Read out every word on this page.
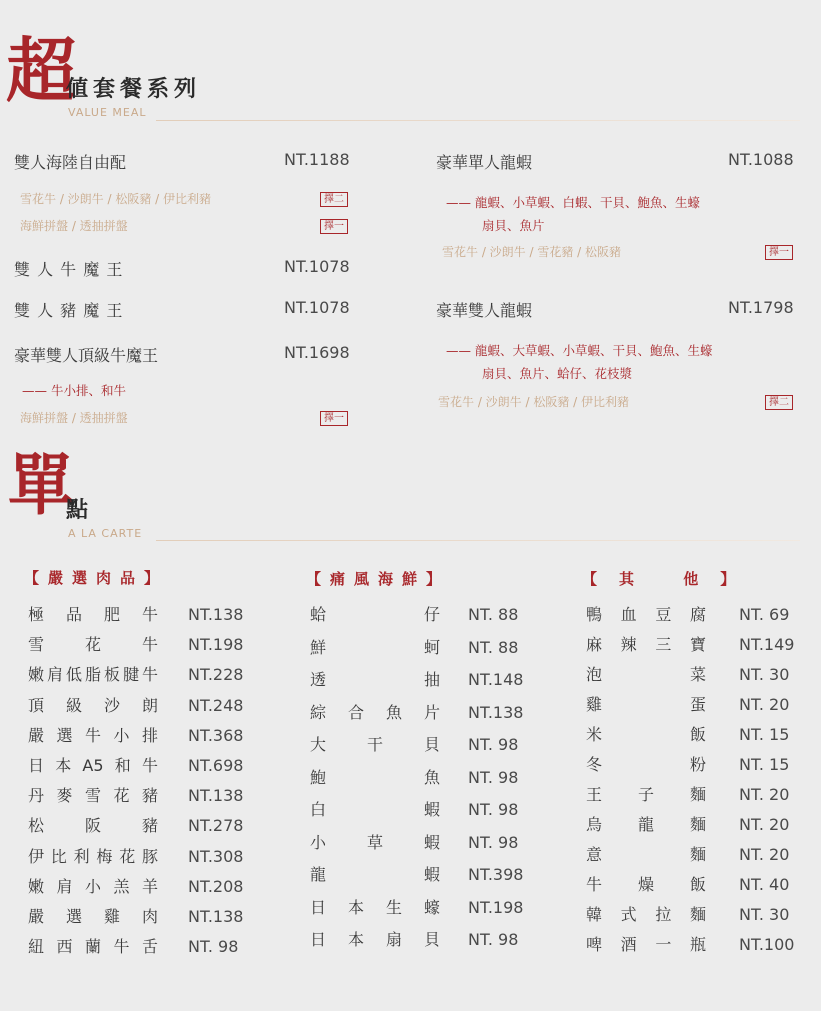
超
値套餐系列
VALUE MEAL
雙人海陸自由配	NT.1188
雪花牛 / 沙朗牛 / 松阪豬 / 伊比利豬	擇二
海鮮拼盤 / 透抽拼盤	擇一
雙 人 牛 魔 王	NT.1078
雙 人 豬 魔 王	NT.1078
豪華雙人頂級牛魔王	NT.1698
—— 牛小排、和牛
海鮮拼盤 / 透抽拼盤	擇一
豪華單人龍蝦	NT.1088
—— 龍蝦、小草蝦、白蝦、干貝、鮑魚、生蠔
扇貝、魚片
雪花牛 / 沙朗牛 / 雪花豬 / 松阪豬	擇一
豪華雙人龍蝦	NT.1798
—— 龍蝦、大草蝦、小草蝦、干貝、鮑魚、生蠔
扇貝、魚片、蛤仔、花枝漿
雪花牛 / 沙朗牛 / 松阪豬 / 伊比利豬	擇二
單
點
A LA CARTE
【嚴選肉品】	【痛風海鮮】	【其 他】
極品肥牛 NT.138
雪花牛 NT.198
嫩肩低脂板腱牛 NT.228
頂級沙朗 NT.248
嚴選牛小排 NT.368
日本A5和牛 NT.698
丹麥雪花豬 NT.138
松阪豬 NT.278
伊比利梅花豚 NT.308
嫩肩小羔羊 NT.208
嚴選雞肉 NT.138
紐西蘭牛舌 NT. 98
蛤仔 NT. 88
鮮蚵 NT. 88
透抽 NT.148
綜合魚片 NT.138
大干貝 NT. 98
鮑魚 NT. 98
白蝦 NT. 98
小草蝦 NT. 98
龍蝦 NT.398
日本生蠔 NT.198
日本扇貝 NT. 98
鴨血豆腐 NT. 69
麻辣三寶 NT.149
泡菜 NT. 30
雞蛋 NT. 20
米飯 NT. 15
冬粉 NT. 15
王子麵 NT. 20
烏龍麵 NT. 20
意麵 NT. 20
牛燥飯 NT. 40
韓式拉麵 NT. 30
啤酒一瓶 NT.100
